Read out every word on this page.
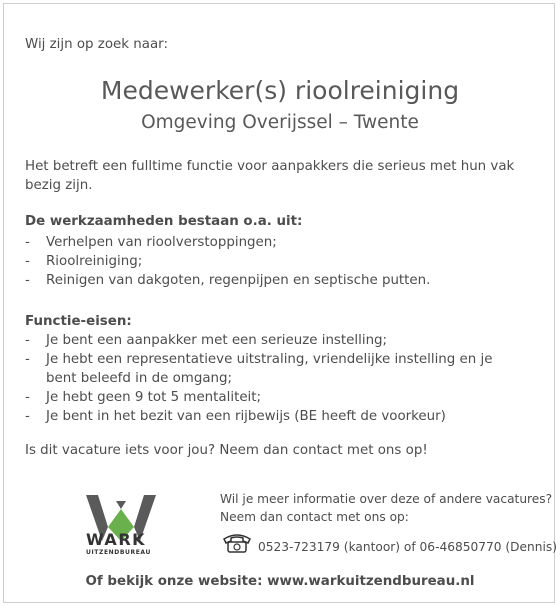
Wij zijn op zoek naar:
Medewerker(s) rioolreiniging
Omgeving Overijssel – Twente
Het betreft een fulltime functie voor aanpakkers die serieus met hun vak bezig zijn.
De werkzaamheden bestaan o.a. uit:
- Verhelpen van rioolverstoppingen;
- Rioolreiniging;
- Reinigen van dakgoten, regenpijpen en septische putten.
Functie-eisen:
- Je bent een aanpakker met een serieuze instelling;
- Je hebt een representatieve uitstraling, vriendelijke instelling en je bent beleefd in de omgang;
- Je hebt geen 9 tot 5 mentaliteit;
- Je bent in het bezit van een rijbewijs (BE heeft de voorkeur)
Is dit vacature iets voor jou? Neem dan contact met ons op!
WARK
UITZENDBUREAU
Wil je meer informatie over deze of andere vacatures?
Neem dan contact met ons op:
0523-723179 (kantoor) of 06-46850770 (Dennis)
Of bekijk onze website: www.warkuitzendbureau.nl
